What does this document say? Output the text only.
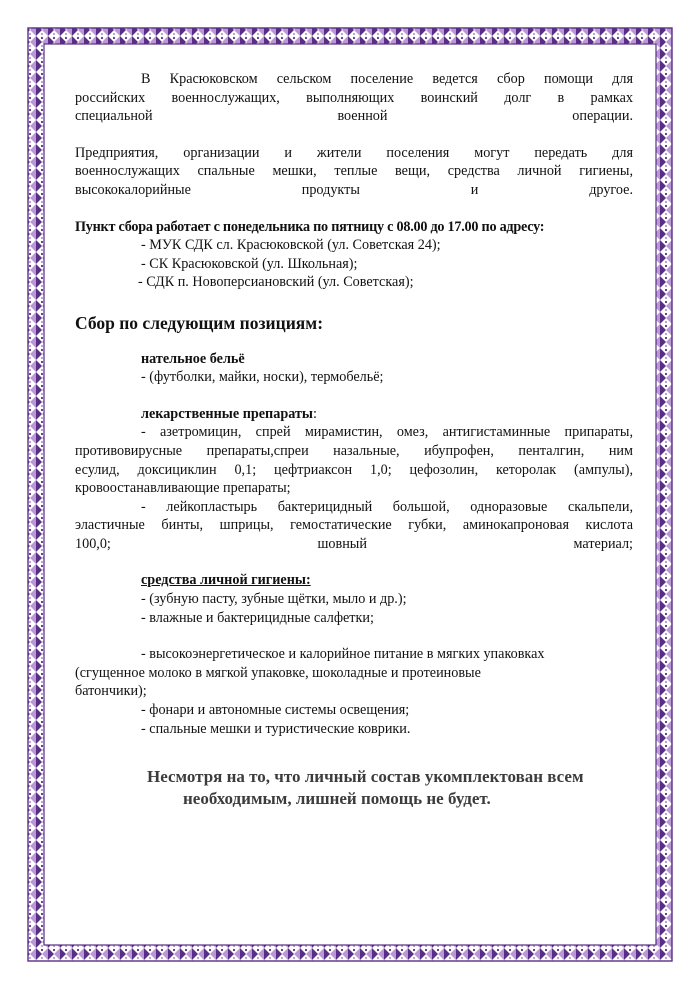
В Красюковском сельском поселение ведется сбор помощи для

российских военнослужащих, выполняющих воинский долг в рамках

специальной военной операции.

Предприятия, организации и жители поселения могут передать для

военнослужащих спальные мешки, теплые вещи, средства личной гигиены,

высококалорийные продукты и другое.

Пункт сбора работает с понедельника по пятницу с 08.00 до 17.00 по адресу:

- МУК СДК сл. Красюковской (ул. Советская 24);

- СК Красюковской (ул. Школьная);

- СДК п. Новоперсиановский (ул. Советская);

Сбор по следующим позициям:

нательное бельё

- (футболки, майки, носки), термобельё;

лекарственные препараты:

- азетромицин, спрей мирамистин, омез, антигистаминные припараты,

противовирусные препараты,спреи назальные, ибупрофен, пенталгин, ним

есулид, доксициклин 0,1; цефтриаксон 1,0; цефозолин, кеторолак (ампулы),

кровоостанавливающие препараты;

- лейкопластырь бактерицидный большой, одноразовые скальпели,

эластичные бинты, шприцы, гемостатические губки, аминокапроновая кислота

100,0; шовный материал;

средства личной гигиены:

- (зубную пасту, зубные щётки, мыло и др.);

- влажные и бактерицидные салфетки;

- высокоэнергетическое и калорийное питание в мягких упаковках

(сгущенное молоко в мягкой упаковке, шоколадные и протеиновые

батончики);

- фонари и автономные системы освещения;

- спальные мешки и туристические коврики.

Несмотря на то, что личный состав укомплектован всем

необходимым, лишней помощь не будет.
